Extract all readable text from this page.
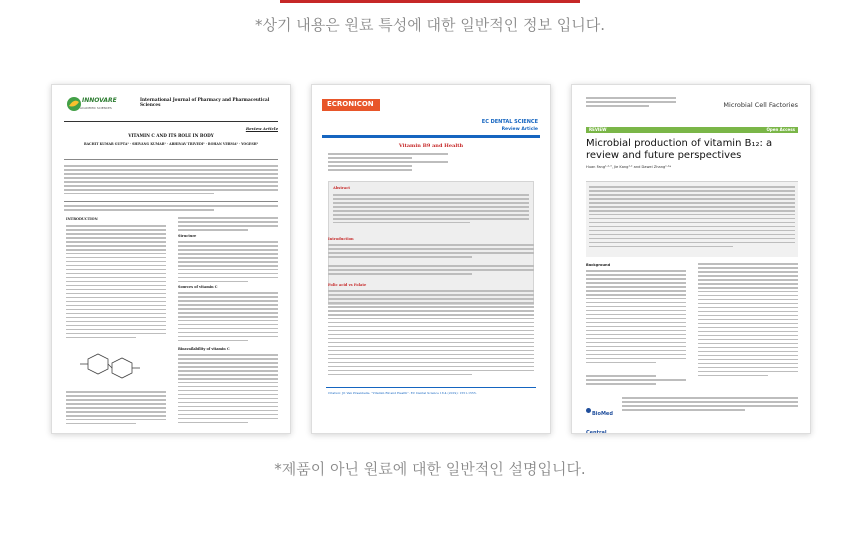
*상기 내용은 원료 특성에 대한 일반적인 정보 입니다.
INNOVARE
ACADEMIC SCIENCES
International Journal of Pharmacy and Pharmaceutical Sciences
Review Article
VITAMIN C AND ITS ROLE IN BODY
RACHIT KUMAR GUPTA¹ · SHIVANG KUMAR¹ · ABHINAV TRIVEDI¹ · ROHAN VERMA¹ · YOGESH¹
INTRODUCTION
Structure
Sources of vitamin C
Bioavailability of vitamin C
ECRONICON
EC DENTAL SCIENCE
Review Article
Vitamin B9 and Health
Abstract
Introduction
Folic acid vs Folate
Citation: Jit Van Praanbelle. "Vitamin B9 and Health". EC Dental Science 18.4 (2019): 1551-1555.
Microbial Cell Factories
REVIEW	Open Access
Microbial production of vitamin B₁₂: a review and future perspectives
Huan Fang¹·²·³, Jie Kang¹·² and Dawei Zhang¹·²*
Background
BioMed Central
*제품이 아닌 원료에 대한 일반적인 설명입니다.
